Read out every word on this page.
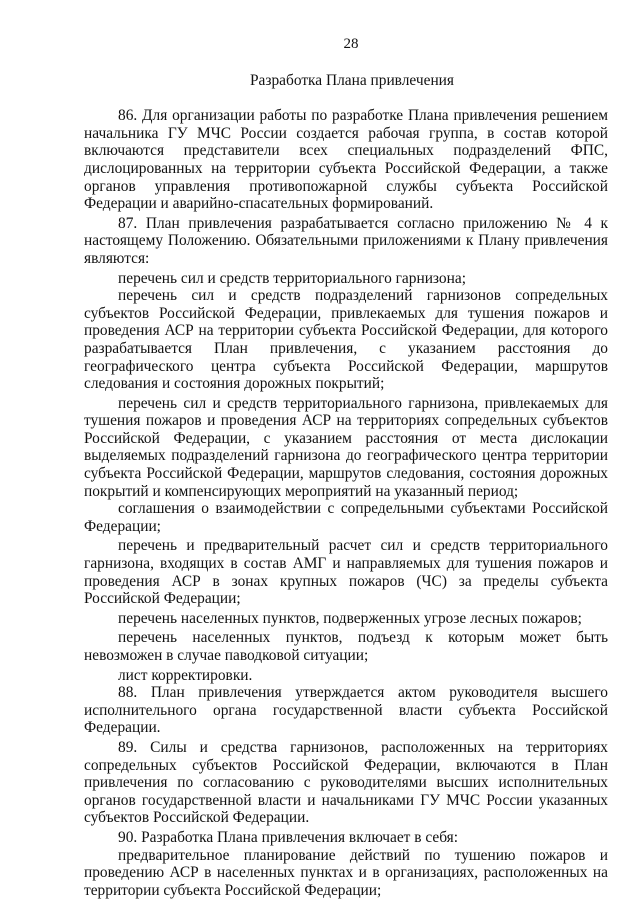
28
Разработка Плана привлечения

86. Для организации работы по разработке Плана привлечения решением начальника ГУ МЧС России создается рабочая группа, в состав которой включаются представители всех специальных подразделений ФПС, дислоцированных на территории субъекта Российской Федерации, а также органов управления противопожарной службы субъекта Российской Федерации и аварийно-спасательных формирований.

87. План привлечения разрабатывается согласно приложению № 4 к настоящему Положению. Обязательными приложениями к Плану привлечения являются:

перечень сил и средств территориального гарнизона;

перечень сил и средств подразделений гарнизонов сопредельных субъектов Российской Федерации, привлекаемых для тушения пожаров и проведения АСР на территории субъекта Российской Федерации, для которого разрабатывается План привлечения, с указанием расстояния до географического центра субъекта Российской Федерации, маршрутов следования и состояния дорожных покрытий;

перечень сил и средств территориального гарнизона, привлекаемых для тушения пожаров и проведения АСР на территориях сопредельных субъектов Российской Федерации, с указанием расстояния от места дислокации выделяемых подразделений гарнизона до географического центра территории субъекта Российской Федерации, маршрутов следования, состояния дорожных покрытий и компенсирующих мероприятий на указанный период;

соглашения о взаимодействии с сопредельными субъектами Российской Федерации;

перечень и предварительный расчет сил и средств территориального гарнизона, входящих в состав АМГ и направляемых для тушения пожаров и проведения АСР в зонах крупных пожаров (ЧС) за пределы субъекта Российской Федерации;

перечень населенных пунктов, подверженных угрозе лесных пожаров;

перечень населенных пунктов, подъезд к которым может быть невозможен в случае паводковой ситуации;

лист корректировки.

88. План привлечения утверждается актом руководителя высшего исполнительного органа государственной власти субъекта Российской Федерации.

89. Силы и средства гарнизонов, расположенных на территориях сопредельных субъектов Российской Федерации, включаются в План привлечения по согласованию с руководителями высших исполнительных органов государственной власти и начальниками ГУ МЧС России указанных субъектов Российской Федерации.

90. Разработка Плана привлечения включает в себя:

предварительное планирование действий по тушению пожаров и проведению АСР в населенных пунктах и в организациях, расположенных на территории субъекта Российской Федерации;
